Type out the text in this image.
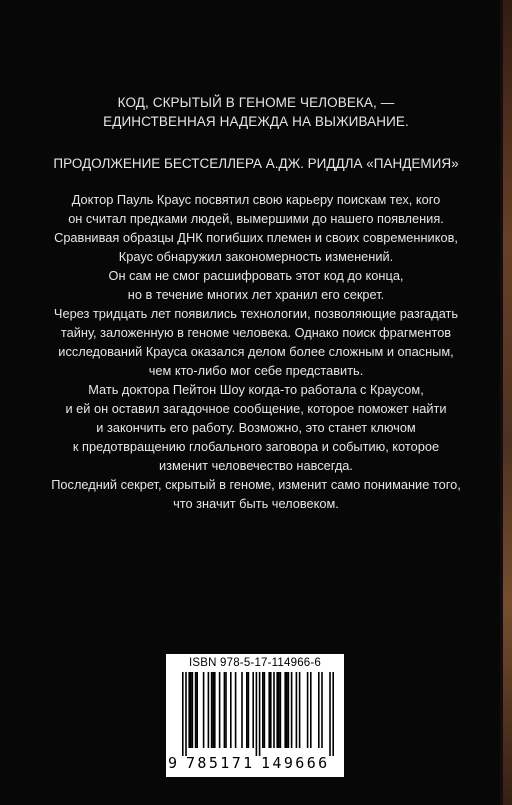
КОД, СКРЫТЫЙ В ГЕНОМЕ ЧЕЛОВЕКА, —
ЕДИНСТВЕННАЯ НАДЕЖДА НА ВЫЖИВАНИЕ.
ПРОДОЛЖЕНИЕ БЕСТСЕЛЛЕРА А.ДЖ. РИДДЛА «ПАНДЕМИЯ»

Доктор Пауль Краус посвятил свою карьеру поискам тех, кого

он считал предками людей, вымершими до нашего появления.

Сравнивая образцы ДНК погибших племен и своих современников,

Краус обнаружил закономерность изменений.

Он сам не смог расшифровать этот код до конца,

но в течение многих лет хранил его секрет.

Через тридцать лет появились технологии, позволяющие разгадать

тайну, заложенную в геноме человека. Однако поиск фрагментов

исследований Крауса оказался делом более сложным и опасным,

чем кто-либо мог себе представить.

Мать доктора Пейтон Шоу когда-то работала с Краусом,

и ей он оставил загадочное сообщение, которое поможет найти

и закончить его работу. Возможно, это станет ключом

к предотвращению глобального заговора и событию, которое

изменит человечество навсегда.

Последний секрет, скрытый в геноме, изменит само понимание того,

что значит быть человеком.

ISBN 978-5-17-114966-6
9 785171 149666
